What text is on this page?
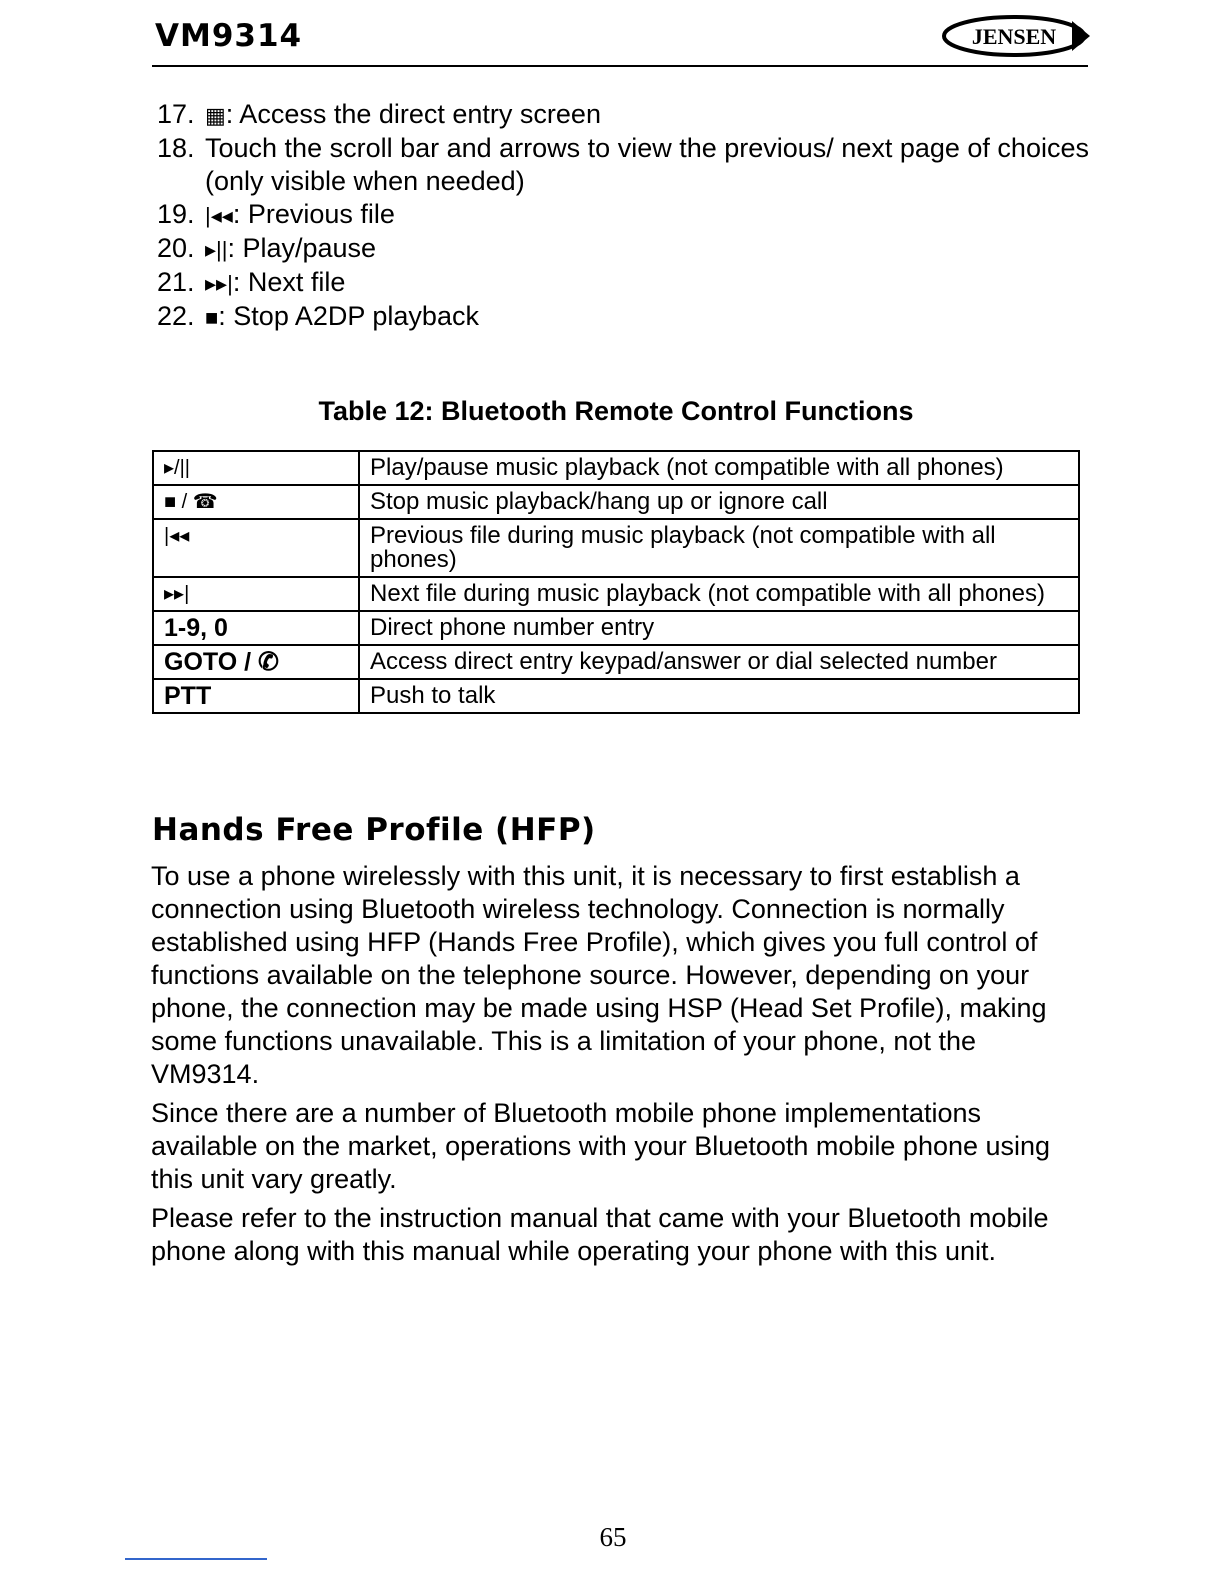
VM9314	JENSEN
17. ▦: Access the direct entry screen
18. Touch the scroll bar and arrows to view the previous/ next page of choices (only visible when needed)
19. |◂◂: Previous file
20. ▸||: Play/pause
21. ▸▸|: Next file
22. ■: Stop A2DP playback
Table 12: Bluetooth Remote Control Functions
▸/||	Play/pause music playback (not compatible with all phones)
■ / ☎	Stop music playback/hang up or ignore call
|◂◂	Previous file during music playback (not compatible with all phones)
▸▸|	Next file during music playback (not compatible with all phones)
1-9, 0	Direct phone number entry
GOTO / ✆	Access direct entry keypad/answer or dial selected number
PTT	Push to talk
Hands Free Profile (HFP)

To use a phone wirelessly with this unit, it is necessary to first establish a connection using Bluetooth wireless technology. Connection is normally established using HFP (Hands Free Profile), which gives you full control of functions available on the telephone source. However, depending on your phone, the connection may be made using HSP (Head Set Profile), making some functions unavailable. This is a limitation of your phone, not the VM9314.

Since there are a number of Bluetooth mobile phone implementations available on the market, operations with your Bluetooth mobile phone using this unit vary greatly.

Please refer to the instruction manual that came with your Bluetooth mobile phone along with this manual while operating your phone with this unit.

65
